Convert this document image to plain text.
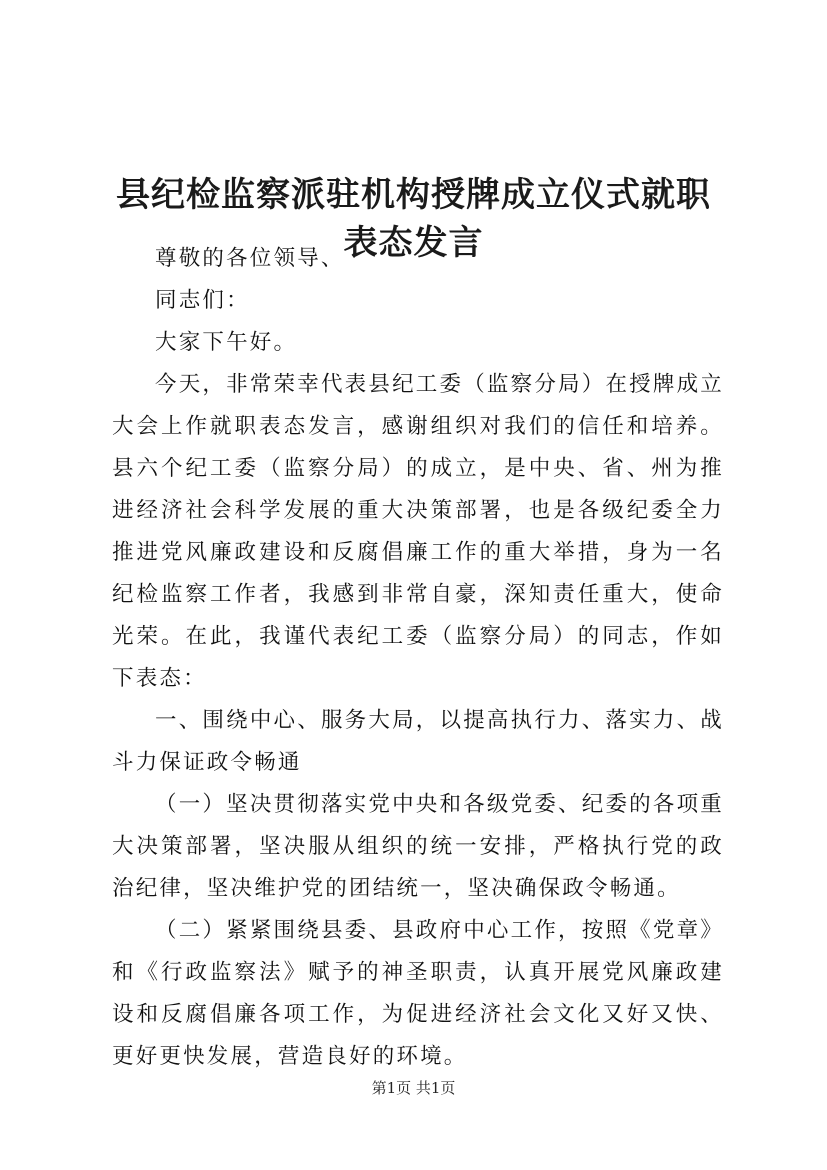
县纪检监察派驻机构授牌成立仪式就职表态发言

尊敬的各位领导、

同志们：

大家下午好。

今天，非常荣幸代表县纪工委（监察分局）在授牌成立大会上作就职表态发言，感谢组织对我们的信任和培养。县六个纪工委（监察分局）的成立，是中央、省、州为推进经济社会科学发展的重大决策部署，也是各级纪委全力推进党风廉政建设和反腐倡廉工作的重大举措，身为一名纪检监察工作者，我感到非常自豪，深知责任重大，使命光荣。在此，我谨代表纪工委（监察分局）的同志，作如下表态：

一、围绕中心、服务大局，以提高执行力、落实力、战斗力保证政令畅通

（一）坚决贯彻落实党中央和各级党委、纪委的各项重大决策部署，坚决服从组织的统一安排，严格执行党的政治纪律，坚决维护党的团结统一，坚决确保政令畅通。

（二）紧紧围绕县委、县政府中心工作，按照《党章》和《行政监察法》赋予的神圣职责，认真开展党风廉政建设和反腐倡廉各项工作，为促进经济社会文化又好又快、更好更快发展，营造良好的环境。

第1页 共1页
